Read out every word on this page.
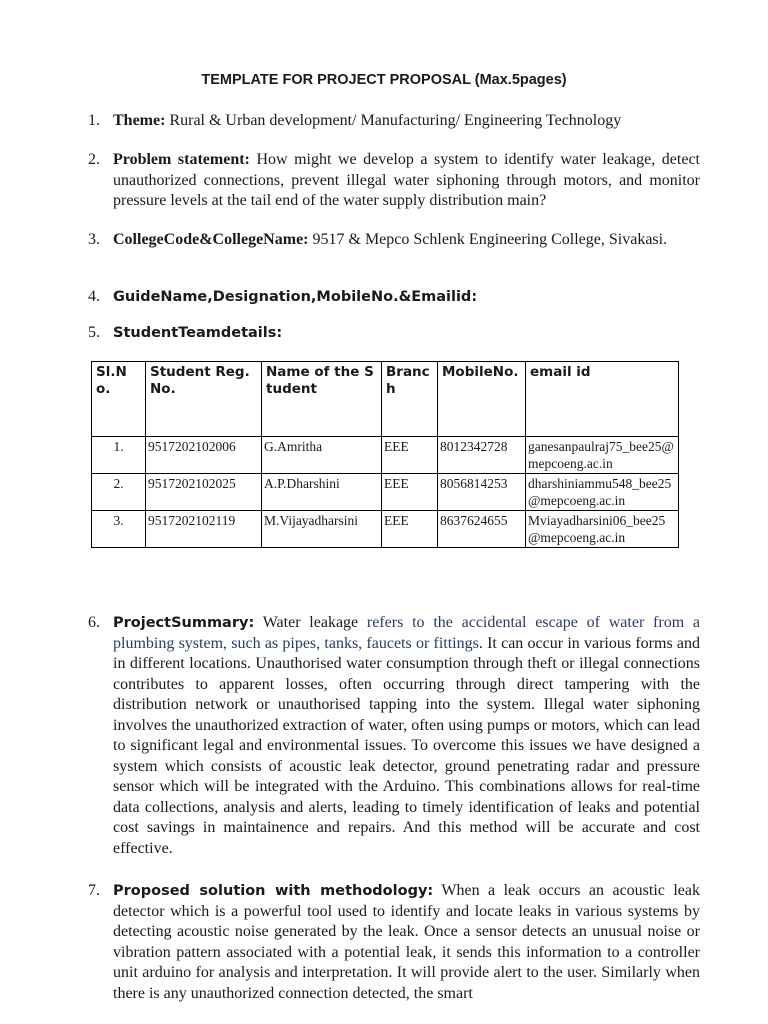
TEMPLATE FOR PROJECT PROPOSAL (Max.5pages)
1. Theme: Rural & Urban development/ Manufacturing/ Engineering Technology
2. Problem statement: How might we develop a system to identify water leakage, detect unauthorized connections, prevent illegal water siphoning through motors, and monitor pressure levels at the tail end of the water supply distribution main?
3. CollegeCode&CollegeName: 9517 & Mepco Schlenk Engineering College, Sivakasi.
4. GuideName,Designation,MobileNo.&Emailid:
5. StudentTeamdetails:
Sl.No.	Student Reg. No.	Name of the Student	Branch	MobileNo.	email id
1.	9517202102006	G.Amritha	EEE	8012342728	ganesanpaulraj75_bee25@mepcoeng.ac.in
2.	9517202102025	A.P.Dharshini	EEE	8056814253	dharshiniammu548_bee25@mepcoeng.ac.in
3.	9517202102119	M.Vijayadharsini	EEE	8637624655	Mviayadharsini06_bee25@mepcoeng.ac.in
6. ProjectSummary: Water leakage refers to the accidental escape of water from a plumbing system, such as pipes, tanks, faucets or fittings. It can occur in various forms and in different locations. Unauthorised water consumption through theft or illegal connections contributes to apparent losses, often occurring through direct tampering with the distribution network or unauthorised tapping into the system. Illegal water siphoning involves the unauthorized extraction of water, often using pumps or motors, which can lead to significant legal and environmental issues. To overcome this issues we have designed a system which consists of acoustic leak detector, ground penetrating radar and pressure sensor which will be integrated with the Arduino. This combinations allows for real-time data collections, analysis and alerts, leading to timely identification of leaks and potential cost savings in maintainence and repairs. And this method will be accurate and cost effective.
7. Proposed solution with methodology: When a leak occurs an acoustic leak detector which is a powerful tool used to identify and locate leaks in various systems by detecting acoustic noise generated by the leak. Once a sensor detects an unusual noise or vibration pattern associated with a potential leak, it sends this information to a controller unit arduino for analysis and interpretation. It will provide alert to the user. Similarly when there is any unauthorized connection detected, the smart
